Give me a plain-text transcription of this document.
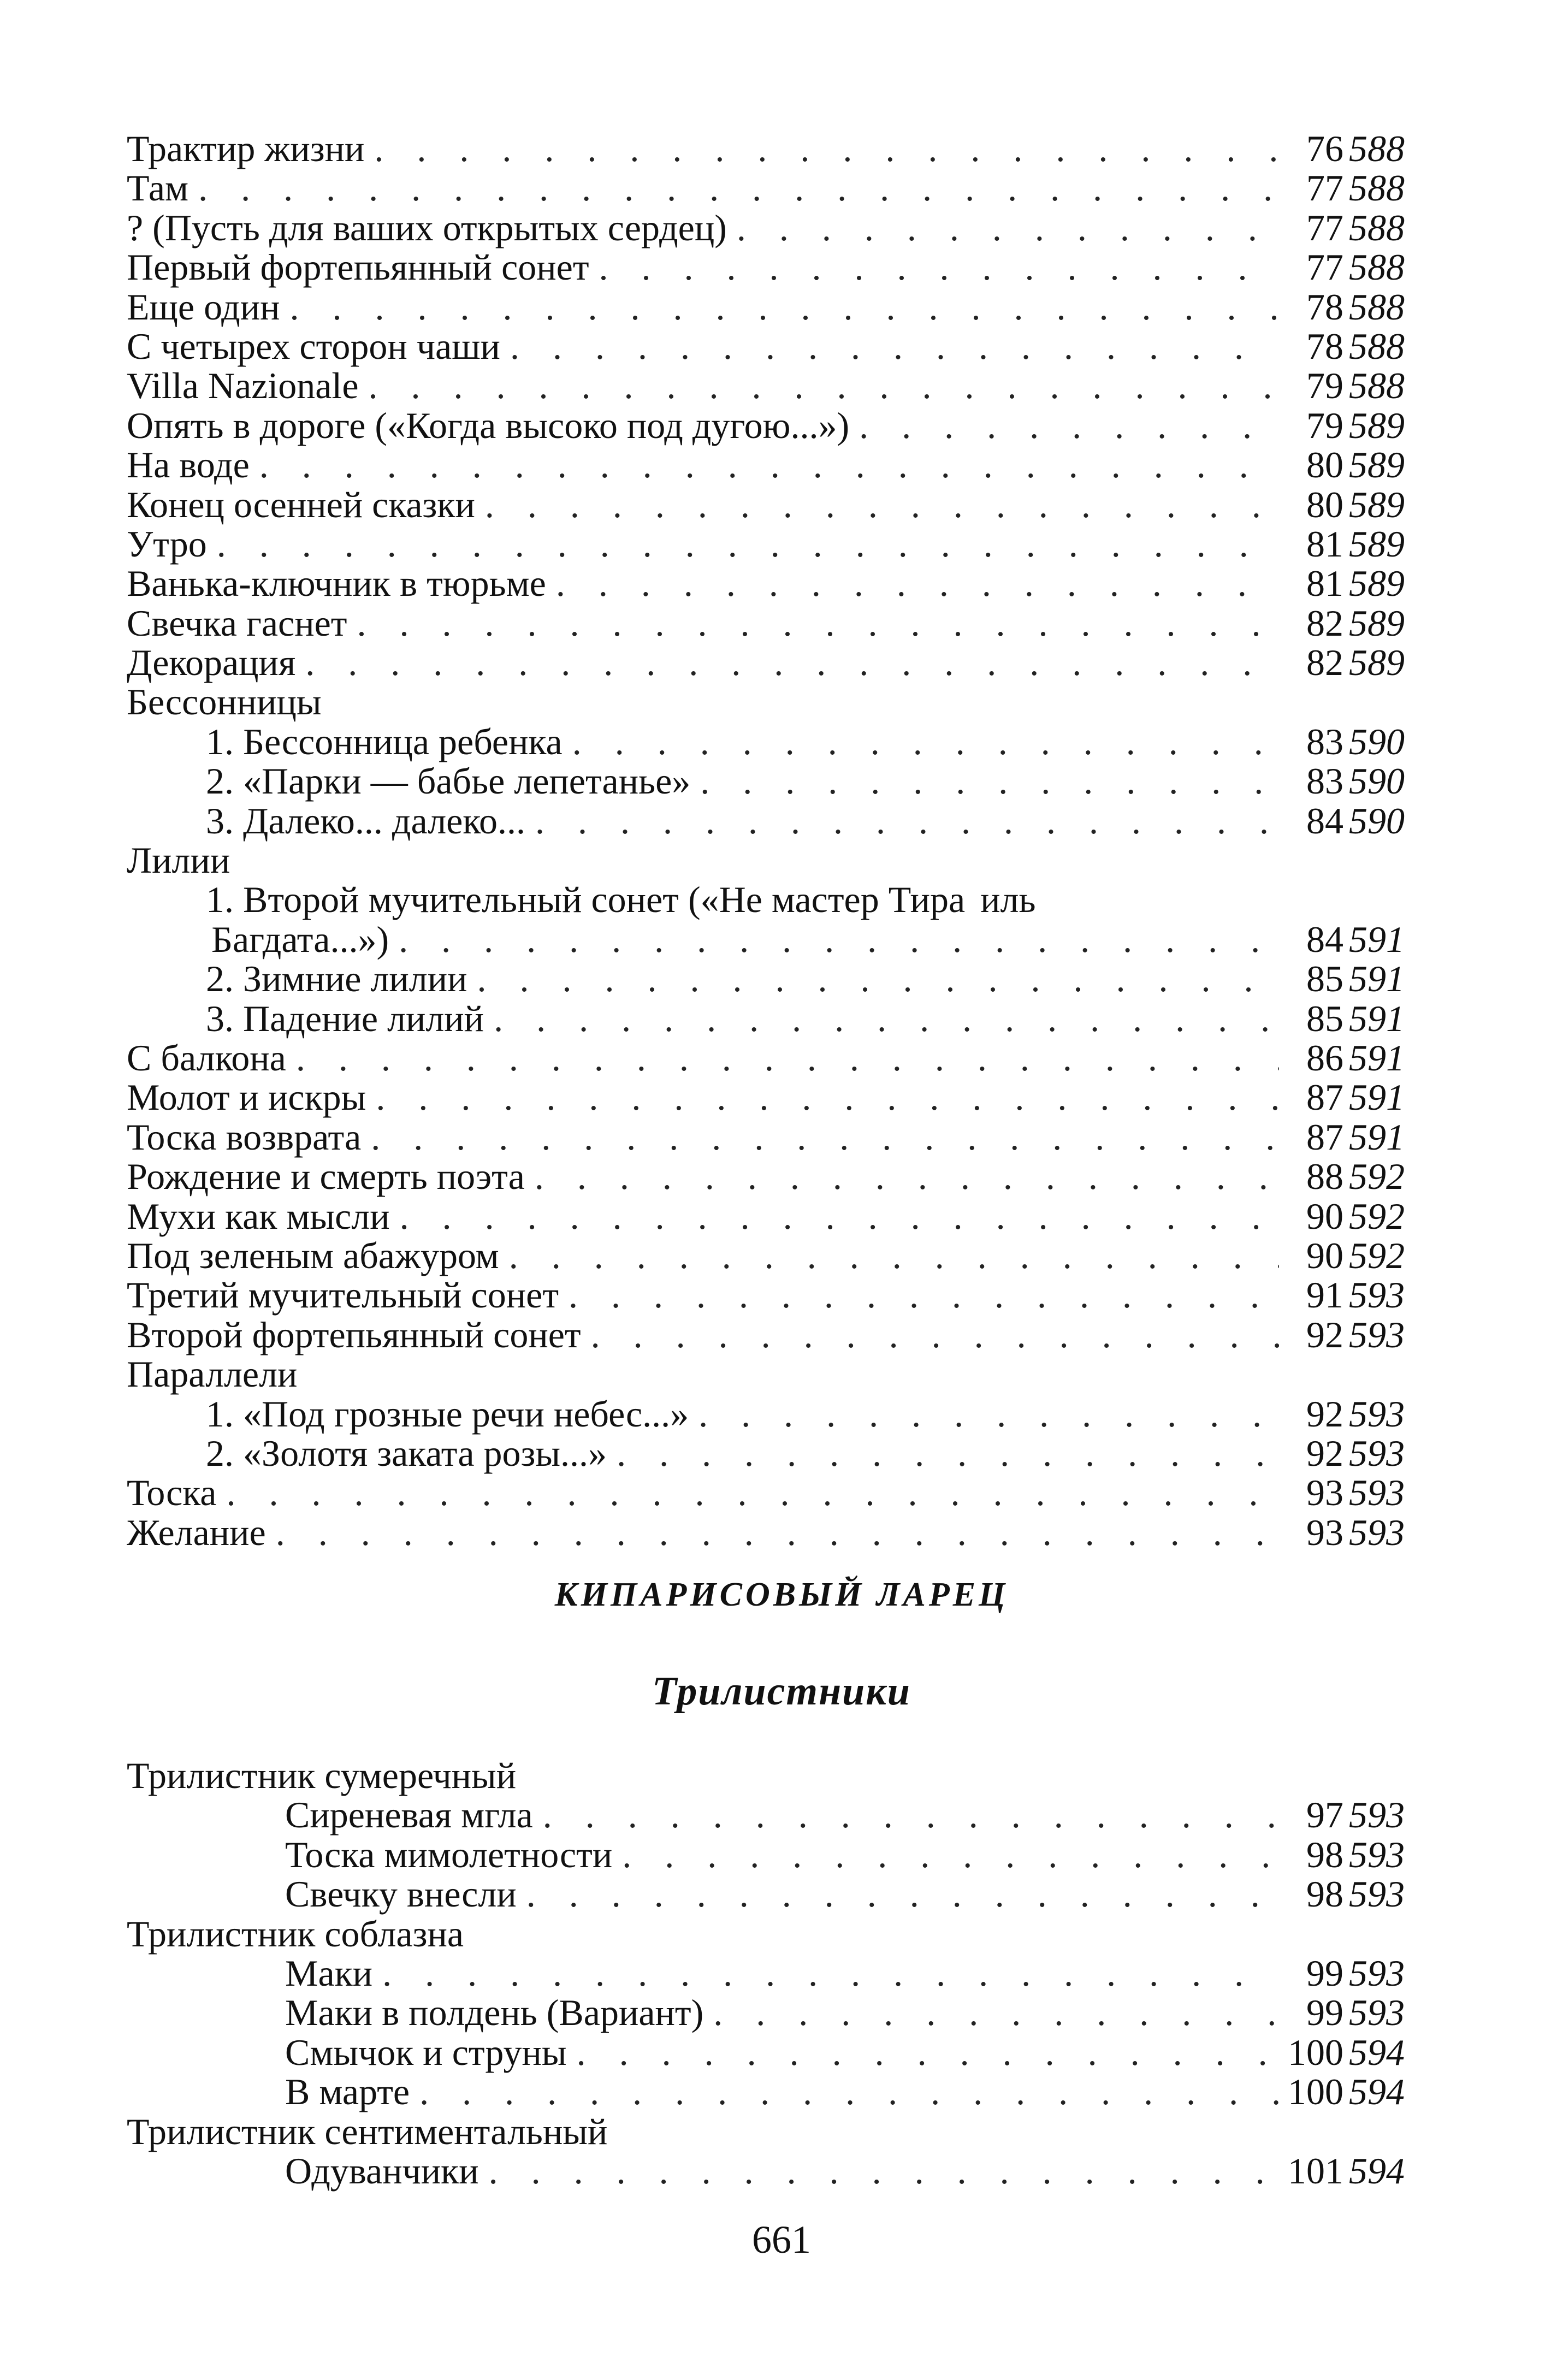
Трактир жизни . . .	76 588
Там . . .	77 588
? (Пусть для ваших открытых сердец) . . .	77 588
Первый фортепьянный сонет . . .	77 588
Еще один . . .	78 588
С четырех сторон чаши . . .	78 588
Villa Nazionale . . .	79 588
Опять в дороге («Когда высоко под дугою...») . . .	79 589
На воде . . .	80 589
Конец осенней сказки . . .	80 589
Утро . . .	81 589
Ванька-ключник в тюрьме . . .	81 589
Свечка гаснет . . .	82 589
Декорация . . .	82 589
Бессонницы
1. Бессонница ребенка . . .	83 590
2. «Парки — бабье лепетанье» . . .	83 590
3. Далеко... далеко... . . .	84 590
Лилии
1. Второй мучительный сонет («Не мастер Тира иль
Багдата...») . . .	84 591
2. Зимние лилии . . .	85 591
3. Падение лилий . . .	85 591
С балкона . . .	86 591
Молот и искры . . .	87 591
Тоска возврата . . .	87 591
Рождение и смерть поэта . . .	88 592
Мухи как мысли . . .	90 592
Под зеленым абажуром . . .	90 592
Третий мучительный сонет . . .	91 593
Второй фортепьянный сонет . . .	92 593
Параллели
1. «Под грозные речи небес...» . . .	92 593
2. «Золотя заката розы...» . . .	92 593
Тоска . . .	93 593
Желание . . .	93 593
КИПАРИСОВЫЙ ЛАРЕЦ
Трилистники
Трилистник сумеречный
Сиреневая мгла . . .	97 593
Тоска мимолетности . . .	98 593
Свечку внесли . . .	98 593
Трилистник соблазна
Маки . . .	99 593
Маки в полдень (Вариант) . . .	99 593
Смычок и струны . . .	100 594
В марте . . .	100 594
Трилистник сентиментальный
Одуванчики . . .	101 594
661
